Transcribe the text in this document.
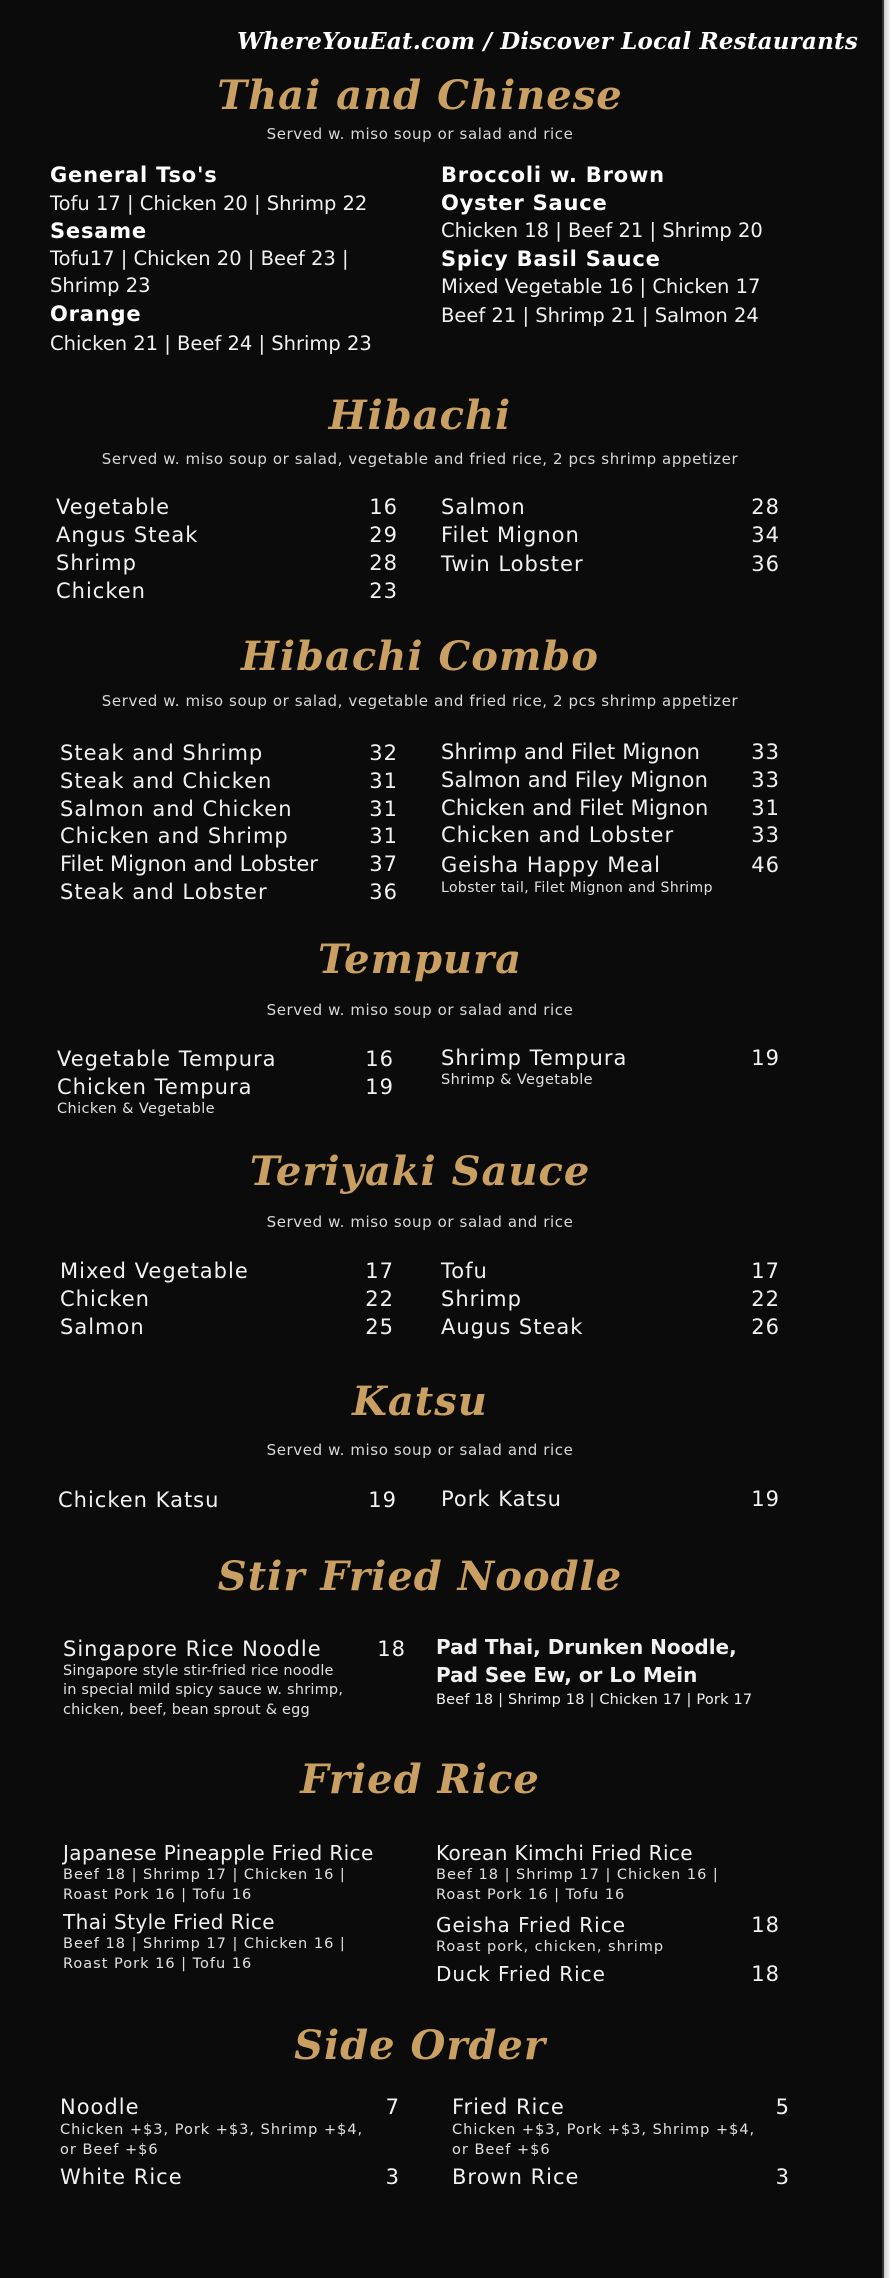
WhereYouEat.com / Discover Local Restaurants
Thai and Chinese
Served w. miso soup or salad and rice
General Tso's
Tofu 17 | Chicken 20 | Shrimp 22
Sesame
Tofu17 | Chicken 20 | Beef 23 |
Shrimp 23
Orange
Chicken 21 | Beef 24 | Shrimp 23
Broccoli w. Brown
Oyster Sauce
Chicken 18 | Beef 21 | Shrimp 20
Spicy Basil Sauce
Mixed Vegetable 16 | Chicken 17
Beef 21 | Shrimp 21 | Salmon 24
Hibachi
Served w. miso soup or salad, vegetable and fried rice, 2 pcs shrimp appetizer
Vegetable	16
Angus Steak	29
Shrimp	28
Chicken	23
Salmon	28
Filet Mignon	34
Twin Lobster	36
Hibachi Combo
Served w. miso soup or salad, vegetable and fried rice, 2 pcs shrimp appetizer
Steak and Shrimp	32
Steak and Chicken	31
Salmon and Chicken	31
Chicken and Shrimp	31
Filet Mignon and Lobster 37
Steak and Lobster	36
Shrimp and Filet Mignon 33
Salmon and Filey Mignon 33
Chicken and Filet Mignon 31
Chicken and Lobster	33
Geisha Happy Meal	46
Lobster tail, Filet Mignon and Shrimp
Tempura
Served w. miso soup or salad and rice
Vegetable Tempura	16
Chicken Tempura	19
Chicken & Vegetable
Shrimp Tempura	19
Shrimp & Vegetable
Teriyaki Sauce
Served w. miso soup or salad and rice
Mixed Vegetable	17
Chicken	22
Salmon	25
Tofu	17
Shrimp	22
Augus Steak	26
Katsu
Served w. miso soup or salad and rice
Chicken Katsu	19 Pork Katsu	19
Stir Fried Noodle
Singapore Rice Noodle	18
Singapore style stir-fried rice noodle
in special mild spicy sauce w. shrimp,
chicken, beef, bean sprout & egg
Pad Thai, Drunken Noodle,
Pad See Ew, or Lo Mein
Beef 18 | Shrimp 18 | Chicken 17 | Pork 17
Fried Rice
Japanese Pineapple Fried Rice
Beef 18 | Shrimp 17 | Chicken 16 |
Roast Pork 16 | Tofu 16
Thai Style Fried Rice
Beef 18 | Shrimp 17 | Chicken 16 |
Roast Pork 16 | Tofu 16
Korean Kimchi Fried Rice
Beef 18 | Shrimp 17 | Chicken 16 |
Roast Pork 16 | Tofu 16
Geisha Fried Rice	18
Roast pork, chicken, shrimp
Duck Fried Rice	18
Side Order
Noodle	7
Chicken +$3, Pork +$3, Shrimp +$4,
or Beef +$6
White Rice	3
Fried Rice	5
Chicken +$3, Pork +$3, Shrimp +$4,
or Beef +$6
Brown Rice	3
